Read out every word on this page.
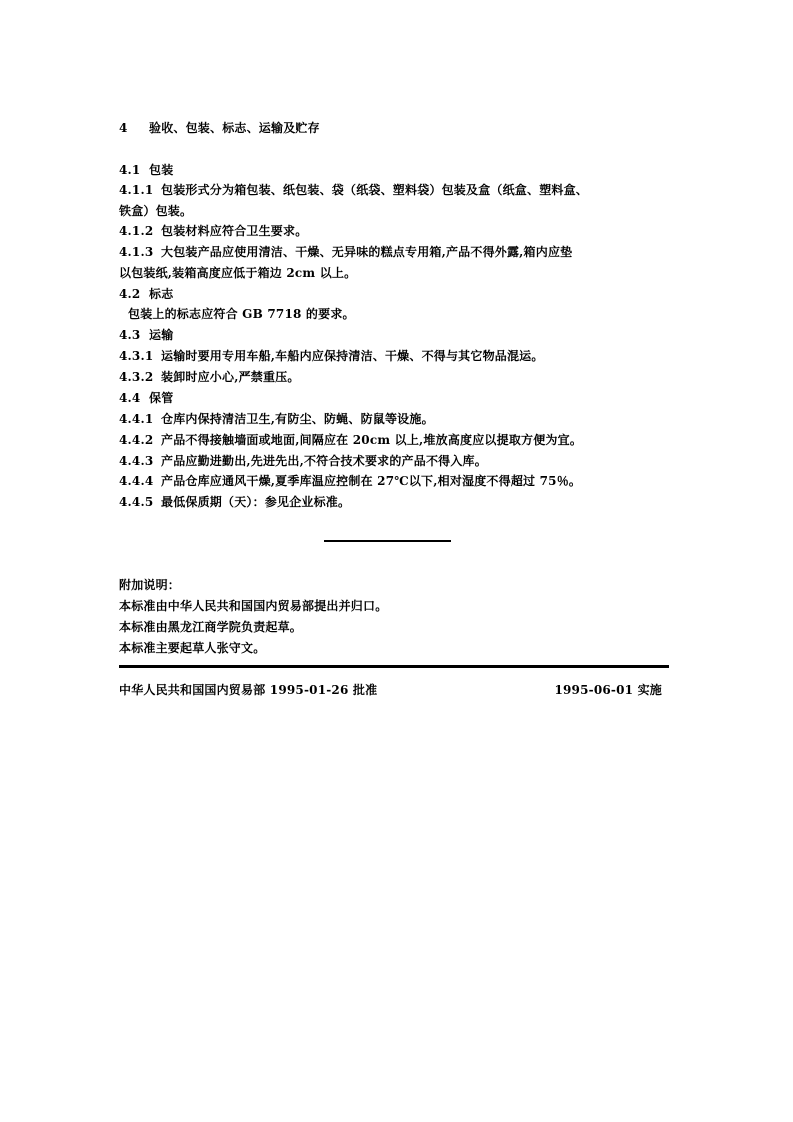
4 验收、包装、标志、运输及贮存
4.1 包装
4.1.1 包装形式分为箱包装、纸包装、袋（纸袋、塑料袋）包装及盒（纸盒、塑料盒、
铁盒）包装。
4.1.2 包装材料应符合卫生要求。
4.1.3 大包装产品应使用清洁、干燥、无异味的糕点专用箱,产品不得外露,箱内应垫
以包装纸,装箱高度应低于箱边 2cm 以上。
4.2 标志
包装上的标志应符合 GB 7718 的要求。
4.3 运输
4.3.1 运输时要用专用车船,车船内应保持清洁、干燥、不得与其它物品混运。
4.3.2 装卸时应小心,严禁重压。
4.4 保管
4.4.1 仓库内保持清洁卫生,有防尘、防蝇、防鼠等设施。
4.4.2 产品不得接触墙面或地面,间隔应在 20cm 以上,堆放高度应以提取方便为宜。
4.4.3 产品应勤进勤出,先进先出,不符合技术要求的产品不得入库。
4.4.4 产品仓库应通风干燥,夏季库温应控制在 27℃以下,相对湿度不得超过 75％。
4.4.5 最低保质期（天）：参见企业标准。
附加说明：
本标准由中华人民共和国国内贸易部提出并归口。
本标准由黑龙江商学院负责起草。
本标准主要起草人张守文。
中华人民共和国国内贸易部 1995-01-26 批准	1995-06-01 实施
